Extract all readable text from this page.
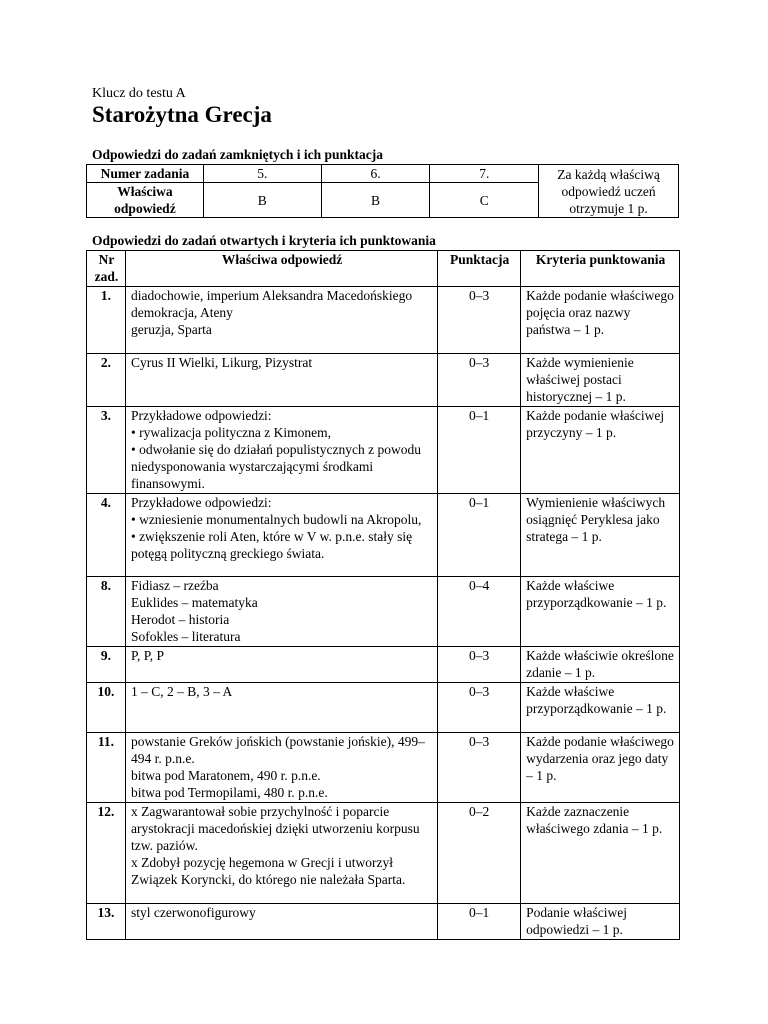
Klucz do testu A
Starożytna Grecja
Odpowiedzi do zadań zamkniętych i ich punktacja
Numer zadania	5.	6.	7.	Za każdą właściwą odpowiedź uczeń otrzymuje 1 p.
Właściwa odpowiedź	B	B	C	
Odpowiedzi do zadań otwartych i kryteria ich punktowania
Nr zad.	Właściwa odpowiedź	Punktacja	Kryteria punktowania
1.	diadochowie, imperium Aleksandra Macedońskiego
demokracja, Ateny
geruzja, Sparta	0–3	Każde podanie właściwego pojęcia oraz nazwy państwa – 1 p.
2.	Cyrus II Wielki, Likurg, Pizystrat	0–3	Każde wymienienie właściwej postaci historycznej – 1 p.
3.	Przykładowe odpowiedzi:
• rywalizacja polityczna z Kimonem,
• odwołanie się do działań populistycznych z powodu niedysponowania wystarczającymi środkami finansowymi.	0–1	Każde podanie właściwej przyczyny – 1 p.
4.	Przykładowe odpowiedzi:
• wzniesienie monumentalnych budowli na Akropolu,
• zwiększenie roli Aten, które w V w. p.n.e. stały się potęgą polityczną greckiego świata.	0–1	Wymienienie właściwych osiągnięć Peryklesa jako stratega – 1 p.
8.	Fidiasz – rzeźba
Euklides – matematyka
Herodot – historia
Sofokles – literatura	0–4	Każde właściwe przyporządkowanie – 1 p.
9.	P, P, P	0–3	Każde właściwie określone zdanie – 1 p.
10.	1 – C, 2 – B, 3 – A	0–3	Każde właściwe przyporządkowanie – 1 p.
11.	powstanie Greków jońskich (powstanie jońskie), 499–494 r. p.n.e.
bitwa pod Maratonem, 490 r. p.n.e.
bitwa pod Termopilami, 480 r. p.n.e.	0–3	Każde podanie właściwego wydarzenia oraz jego daty – 1 p.
12.	x Zagwarantował sobie przychylność i poparcie arystokracji macedońskiej dzięki utworzeniu korpusu tzw. paziów.
x Zdobył pozycję hegemona w Grecji i utworzył Związek Koryncki, do którego nie należała Sparta.	0–2	Każde zaznaczenie właściwego zdania – 1 p.
13.	styl czerwonofigurowy	0–1	Podanie właściwej odpowiedzi – 1 p.
